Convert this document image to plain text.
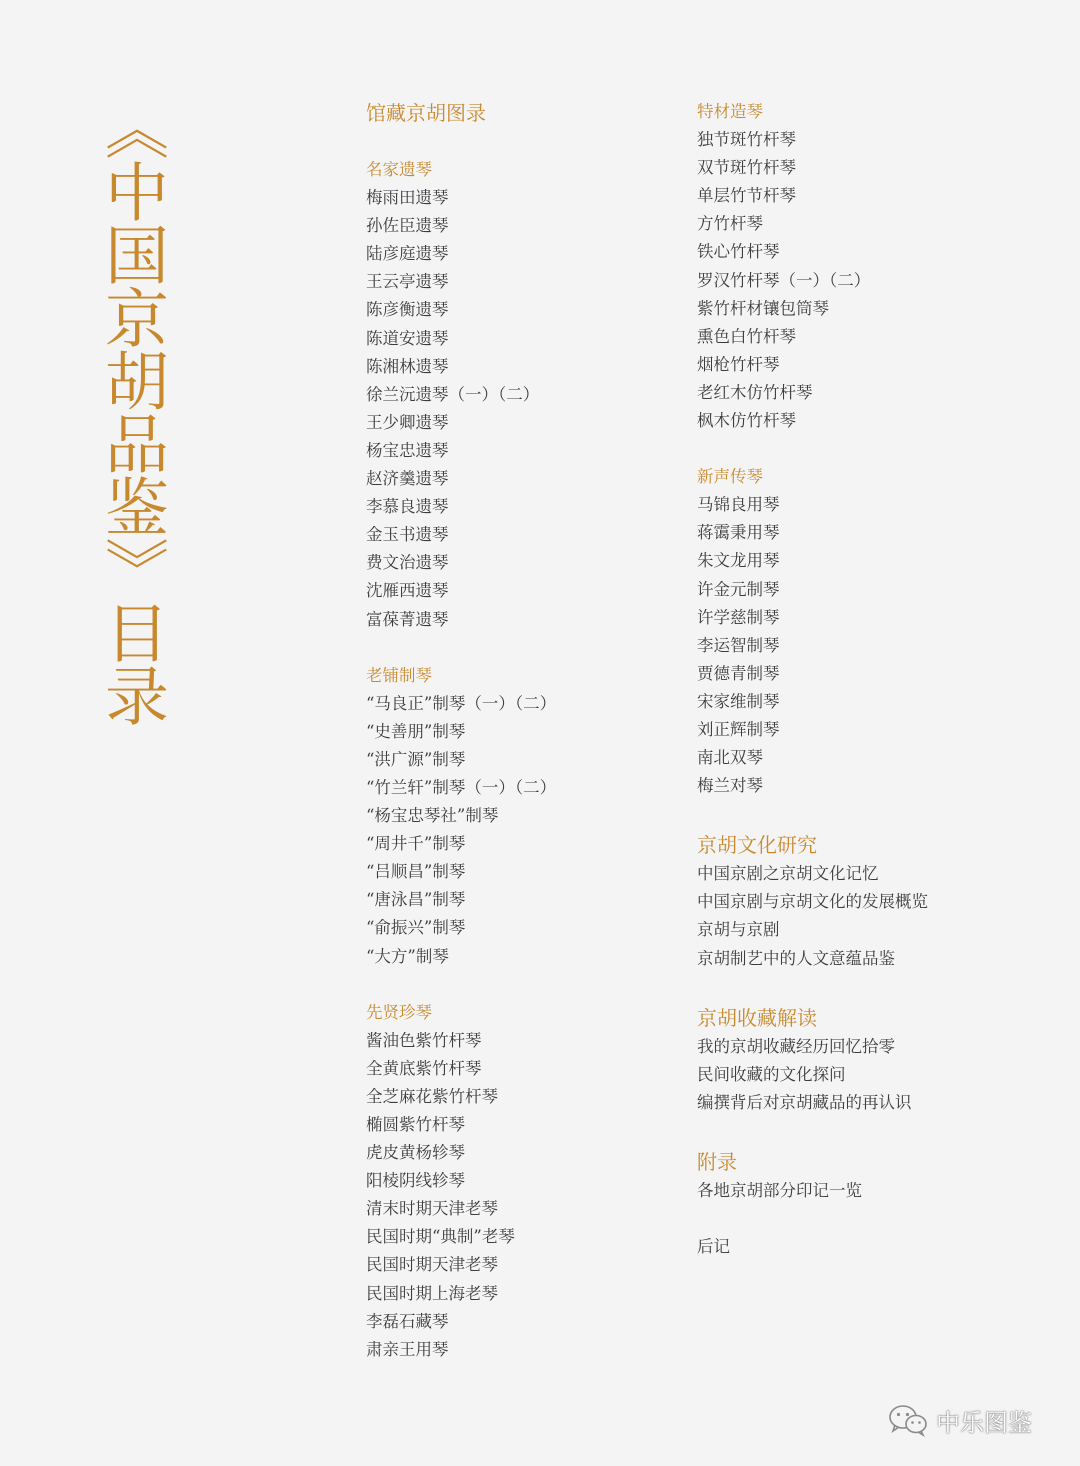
《中国京胡品鉴》目录	馆藏京胡图录
名家遗琴
梅雨田遗琴
孙佐臣遗琴
陆彦庭遗琴
王云亭遗琴
陈彦衡遗琴
陈道安遗琴
陈湘林遗琴
徐兰沅遗琴（一）（二）
王少卿遗琴
杨宝忠遗琴
赵济羹遗琴
李慕良遗琴
金玉书遗琴
费文治遗琴
沈雁西遗琴
富葆菁遗琴
老铺制琴
“马良正”制琴（一）（二）
“史善朋”制琴
“洪广源”制琴
“竹兰轩”制琴（一）（二）
“杨宝忠琴社”制琴
“周井千”制琴
“吕顺昌”制琴
“唐泳昌”制琴
“俞振兴”制琴
“大方”制琴
先贤珍琴
酱油色紫竹杆琴
全黄底紫竹杆琴
全芝麻花紫竹杆琴
椭圆紫竹杆琴
虎皮黄杨轸琴
阳棱阴线轸琴
清末时期天津老琴
民国时期“典制”老琴
民国时期天津老琴
民国时期上海老琴
李磊石藏琴
肃亲王用琴
特材造琴
独节斑竹杆琴
双节斑竹杆琴
单层竹节杆琴
方竹杆琴
铁心竹杆琴
罗汉竹杆琴（一）（二）
紫竹杆材镶包筒琴
熏色白竹杆琴
烟枪竹杆琴
老红木仿竹杆琴
枫木仿竹杆琴
新声传琴
马锦良用琴
蒋霭秉用琴
朱文龙用琴
许金元制琴
许学慈制琴
李运智制琴
贾德青制琴
宋家维制琴
刘正辉制琴
南北双琴
梅兰对琴
京胡文化研究
中国京剧之京胡文化记忆
中国京剧与京胡文化的发展概览
京胡与京剧
京胡制艺中的人文意蕴品鉴
京胡收藏解读
我的京胡收藏经历回忆拾零
民间收藏的文化探问
编撰背后对京胡藏品的再认识
附录
各地京胡部分印记一览
后记
中乐图鉴
